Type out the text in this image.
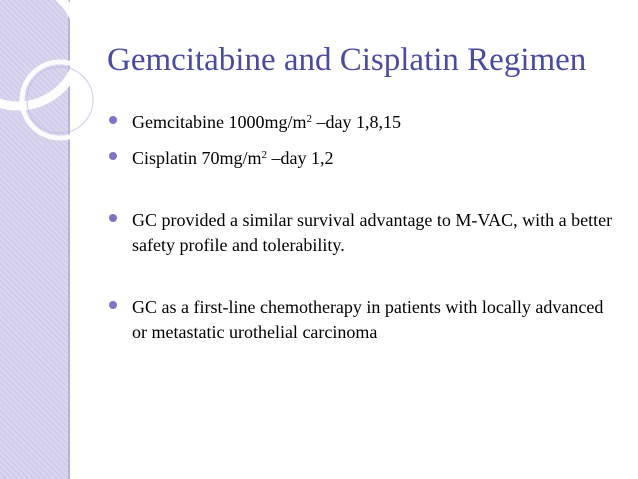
Gemcitabine and Cisplatin Regimen
Gemcitabine $1000mg/m^2$ –day 1,8,15
Cisplatin $70mg/m^2$ –day 1,2
GC provided a similar survival advantage to M-VAC, with a better safety profile and tolerability.
GC as a first-line chemotherapy in patients with locally advanced or metastatic urothelial carcinoma
